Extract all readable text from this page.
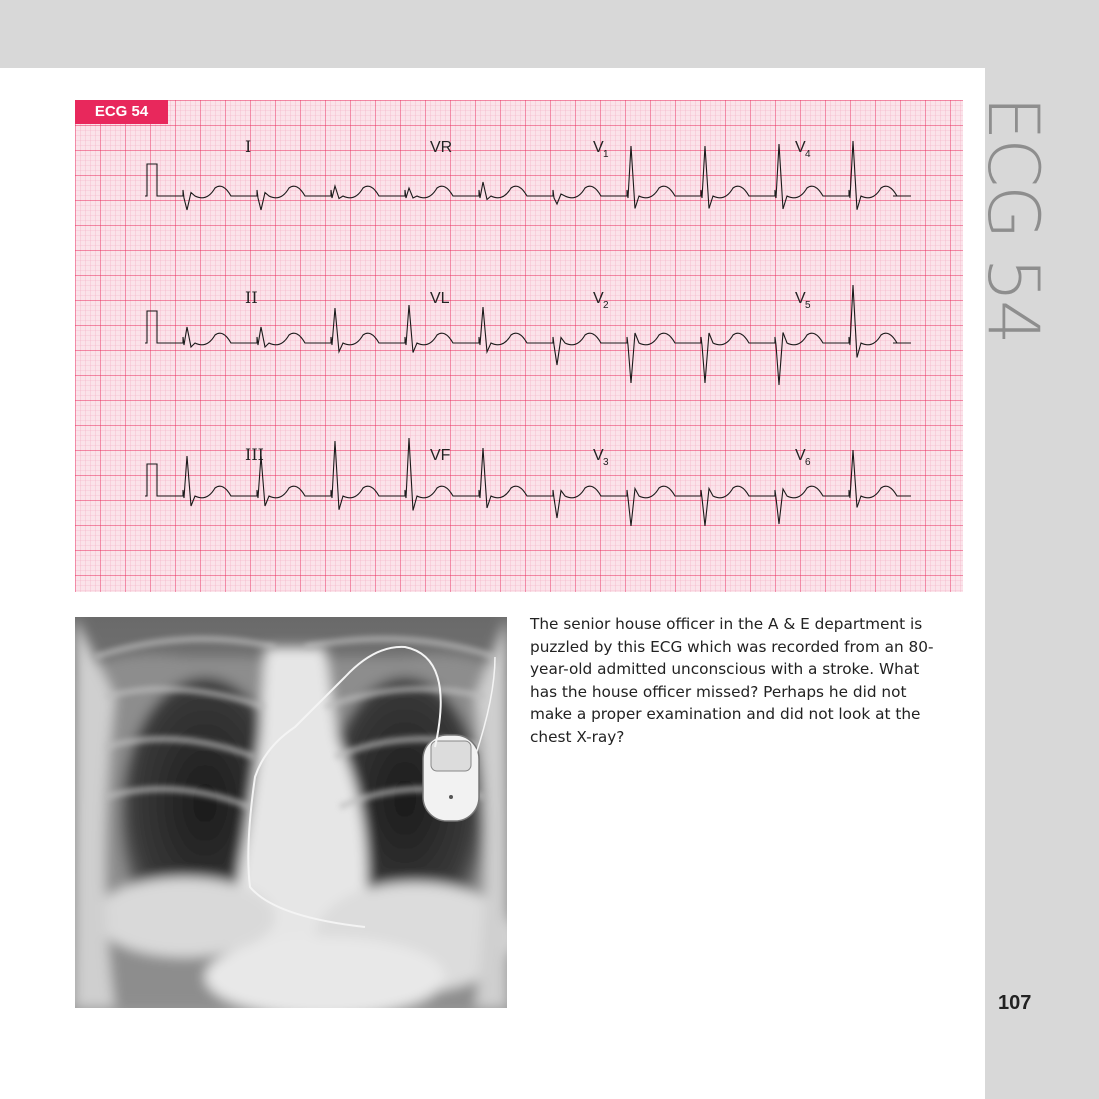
ECG 54
I	VR	V 1	V 4
II	VL	V 2	V 5
III	VF	V 3	V 6
ECG 54
The senior house officer in the A & E department is puzzled by this ECG which was recorded from an 80-year-old admitted unconscious with a stroke. What has the house officer missed? Perhaps he did not make a proper examination and did not look at the chest X-ray?
107
